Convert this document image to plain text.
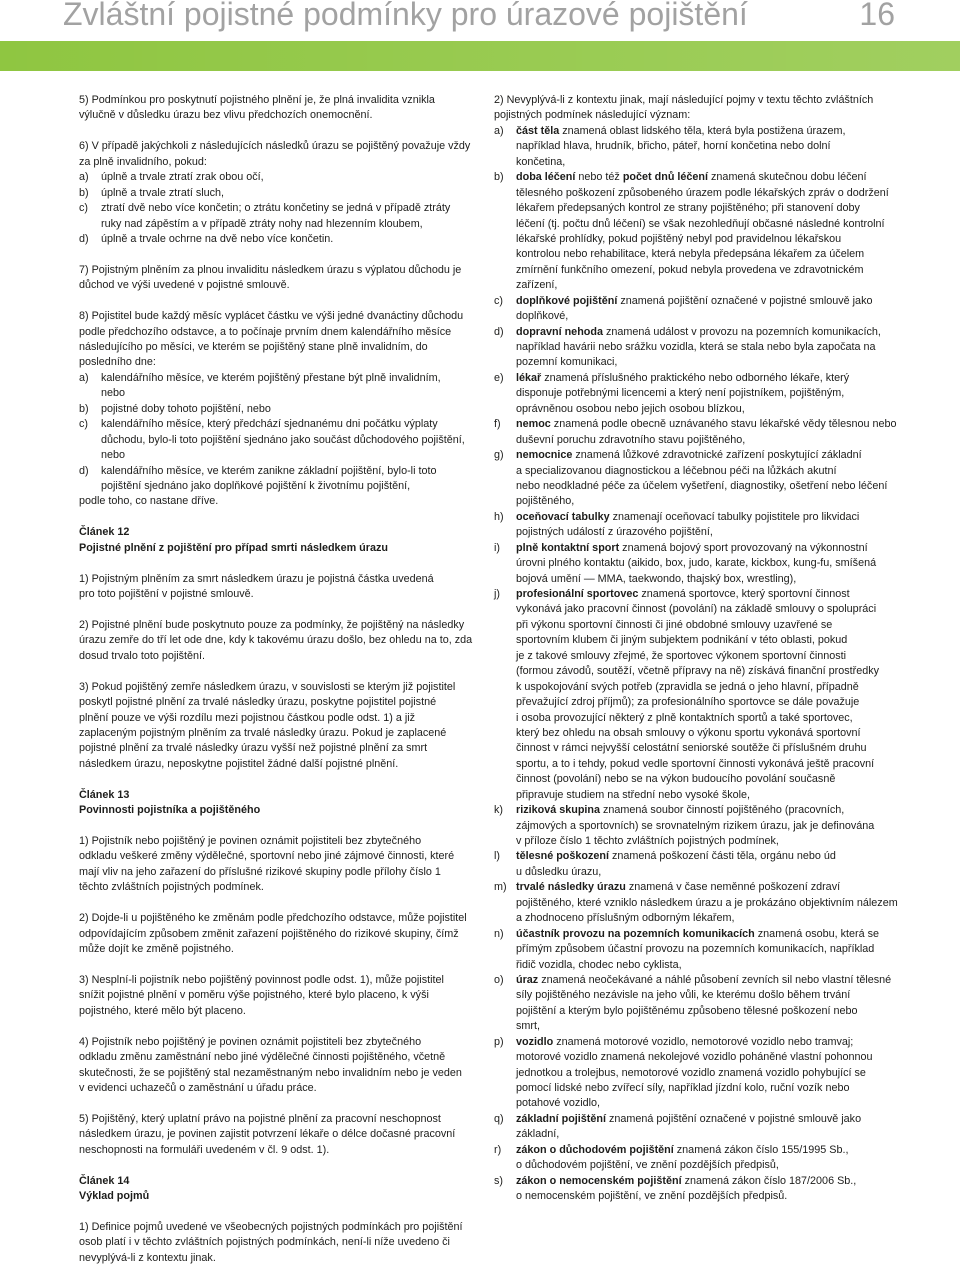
Zvláštní pojistné podmínky pro úrazové pojištění	16
5) Podmínkou pro poskytnutí pojistného plnění je, že plná invalidita vznikla
výlučně v důsledku úrazu bez vlivu předchozích onemocnění.
6) V případě jakýchkoli z následujících následků úrazu se pojištěný považuje vždy
za plně invalidního, pokud:
a) úplně a trvale ztratí zrak obou očí,
b) úplně a trvale ztratí sluch,
c) ztratí dvě nebo více končetin; o ztrátu končetiny se jedná v případě ztráty
ruky nad zápěstím a v případě ztráty nohy nad hlezenním kloubem,
d) úplně a trvale ochrne na dvě nebo více končetin.
7) Pojistným plněním za plnou invaliditu následkem úrazu s výplatou důchodu je
důchod ve výši uvedené v pojistné smlouvě.
8) Pojistitel bude každý měsíc vyplácet částku ve výši jedné dvanáctiny důchodu
podle předchozího odstavce, a to počínaje prvním dnem kalendářního měsíce
následujícího po měsíci, ve kterém se pojištěný stane plně invalidním, do
posledního dne:
a) kalendářního měsíce, ve kterém pojištěný přestane být plně invalidním,
nebo
b) pojistné doby tohoto pojištění, nebo
c) kalendářního měsíce, který předchází sjednanému dni počátku výplaty
důchodu, bylo-li toto pojištění sjednáno jako součást důchodového pojištění,
nebo
d) kalendářního měsíce, ve kterém zanikne základní pojištění, bylo-li toto
pojištění sjednáno jako doplňkové pojištění k životnímu pojištění,
podle toho, co nastane dříve.
Článek 12
Pojistné plnění z pojištění pro případ smrti následkem úrazu
1) Pojistným plněním za smrt následkem úrazu je pojistná částka uvedená
pro toto pojištění v pojistné smlouvě.
2) Pojistné plnění bude poskytnuto pouze za podmínky, že pojištěný na následky
úrazu zemře do tří let ode dne, kdy k takovému úrazu došlo, bez ohledu na to, zda
dosud trvalo toto pojištění.
3) Pokud pojištěný zemře následkem úrazu, v souvislosti se kterým již pojistitel
poskytl pojistné plnění za trvalé následky úrazu, poskytne pojistitel pojistné
plnění pouze ve výši rozdílu mezi pojistnou částkou podle odst. 1) a již
zaplaceným pojistným plněním za trvalé následky úrazu. Pokud je zaplacené
pojistné plnění za trvalé následky úrazu vyšší než pojistné plnění za smrt
následkem úrazu, neposkytne pojistitel žádné další pojistné plnění.
Článek 13
Povinnosti pojistníka a pojištěného
1) Pojistník nebo pojištěný je povinen oznámit pojistiteli bez zbytečného
odkladu veškeré změny výdělečné, sportovní nebo jiné zájmové činnosti, které
mají vliv na jeho zařazení do příslušné rizikové skupiny podle přílohy číslo 1
těchto zvláštních pojistných podmínek.
2) Dojde-li u pojištěného ke změnám podle předchozího odstavce, může pojistitel
odpovídajícím způsobem změnit zařazení pojištěného do rizikové skupiny, čímž
může dojít ke změně pojistného.
3) Nesplní-li pojistník nebo pojištěný povinnost podle odst. 1), může pojistitel
snížit pojistné plnění v poměru výše pojistného, které bylo placeno, k výši
pojistného, které mělo být placeno.
4) Pojistník nebo pojištěný je povinen oznámit pojistiteli bez zbytečného
odkladu změnu zaměstnání nebo jiné výdělečné činnosti pojištěného, včetně
skutečnosti, že se pojištěný stal nezaměstnaným nebo invalidním nebo je veden
v evidenci uchazečů o zaměstnání u úřadu práce.
5) Pojištěný, který uplatní právo na pojistné plnění za pracovní neschopnost
následkem úrazu, je povinen zajistit potvrzení lékaře o délce dočasné pracovní
neschopnosti na formuláři uvedeném v čl. 9 odst. 1).
Článek 14
Výklad pojmů
1) Definice pojmů uvedené ve všeobecných pojistných podmínkách pro pojištění
osob platí i v těchto zvláštních pojistných podmínkách, není-li níže uvedeno či
nevyplývá-li z kontextu jinak.
2) Nevyplývá-li z kontextu jinak, mají následující pojmy v textu těchto zvláštních
pojistných podmínek následující význam:
a) část těla znamená oblast lidského těla, která byla postižena úrazem,
například hlava, hrudník, břicho, páteř, horní končetina nebo dolní
končetina,
b) doba léčení nebo též počet dnů léčení znamená skutečnou dobu léčení
tělesného poškození způsobeného úrazem podle lékařských zpráv o dodržení
lékařem předepsaných kontrol ze strany pojištěného; při stanovení doby
léčení (tj. počtu dnů léčení) se však nezohledňují občasné následné kontrolní
lékařské prohlídky, pokud pojištěný nebyl pod pravidelnou lékařskou
kontrolou nebo rehabilitace, která nebyla předepsána lékařem za účelem
zmírnění funkčního omezení, pokud nebyla provedena ve zdravotnickém
zařízení,
c) doplňkové pojištění znamená pojištění označené v pojistné smlouvě jako
doplňkové,
d) dopravní nehoda znamená událost v provozu na pozemních komunikacích,
například havárii nebo srážku vozidla, která se stala nebo byla započata na
pozemní komunikaci,
e) lékař znamená příslušného praktického nebo odborného lékaře, který
disponuje potřebnými licencemi a který není pojistníkem, pojištěným,
oprávněnou osobou nebo jejich osobou blízkou,
f) nemoc znamená podle obecně uznávaného stavu lékařské vědy tělesnou nebo
duševní poruchu zdravotního stavu pojištěného,
g) nemocnice znamená lůžkové zdravotnické zařízení poskytující základní
a specializovanou diagnostickou a léčebnou péči na lůžkách akutní
nebo neodkladné péče za účelem vyšetření, diagnostiky, ošetření nebo léčení
pojištěného,
h) oceňovací tabulky znamenají oceňovací tabulky pojistitele pro likvidaci
pojistných událostí z úrazového pojištění,
i) plně kontaktní sport znamená bojový sport provozovaný na výkonnostní
úrovni plného kontaktu (aikido, box, judo, karate, kickbox, kung-fu, smíšená
bojová umění — MMA, taekwondo, thajský box, wrestling),
j) profesionální sportovec znamená sportovce, který sportovní činnost
vykonává jako pracovní činnost (povolání) na základě smlouvy o spolupráci
při výkonu sportovní činnosti či jiné obdobné smlouvy uzavřené se
sportovním klubem či jiným subjektem podnikání v této oblasti, pokud
je z takové smlouvy zřejmé, že sportovec výkonem sportovní činnosti
(formou závodů, soutěží, včetně přípravy na ně) získává finanční prostředky
k uspokojování svých potřeb (zpravidla se jedná o jeho hlavní, případně
převažující zdroj příjmů); za profesionálního sportovce se dále považuje
i osoba provozující některý z plně kontaktních sportů a také sportovec,
který bez ohledu na obsah smlouvy o výkonu sportu vykonává sportovní
činnost v rámci nejvyšší celostátní seniorské soutěže či příslušném druhu
sportu, a to i tehdy, pokud vedle sportovní činnosti vykonává ještě pracovní
činnost (povolání) nebo se na výkon budoucího povolání současně
připravuje studiem na střední nebo vysoké škole,
k) riziková skupina znamená soubor činností pojištěného (pracovních,
zájmových a sportovních) se srovnatelným rizikem úrazu, jak je definována
v příloze číslo 1 těchto zvláštních pojistných podmínek,
l) tělesné poškození znamená poškození části těla, orgánu nebo úd
u důsledku úrazu,
m) trvalé následky úrazu znamená v čase neměnné poškození zdraví
pojištěného, které vzniklo následkem úrazu a je prokázáno objektivním nálezem
a zhodnoceno příslušným odborným lékařem,
n) účastník provozu na pozemních komunikacích znamená osobu, která se
přímým způsobem účastní provozu na pozemních komunikacích, například
řidič vozidla, chodec nebo cyklista,
o) úraz znamená neočekávané a náhlé působení zevních sil nebo vlastní tělesné
síly pojištěného nezávisle na jeho vůli, ke kterému došlo během trvání
pojištění a kterým bylo pojištěnému způsobeno tělesné poškození nebo
smrt,
p) vozidlo znamená motorové vozidlo, nemotorové vozidlo nebo tramvaj;
motorové vozidlo znamená nekolejové vozidlo poháněné vlastní pohonnou
jednotkou a trolejbus, nemotorové vozidlo znamená vozidlo pohybující se
pomocí lidské nebo zvířecí síly, například jízdní kolo, ruční vozík nebo
potahové vozidlo,
q) základní pojištění znamená pojištění označené v pojistné smlouvě jako
základní,
r) zákon o důchodovém pojištění znamená zákon číslo 155/1995 Sb.,
o důchodovém pojištění, ve znění pozdějších předpisů,
s) zákon o nemocenském pojištění znamená zákon číslo 187/2006 Sb.,
o nemocenském pojištění, ve znění pozdějších předpisů.
